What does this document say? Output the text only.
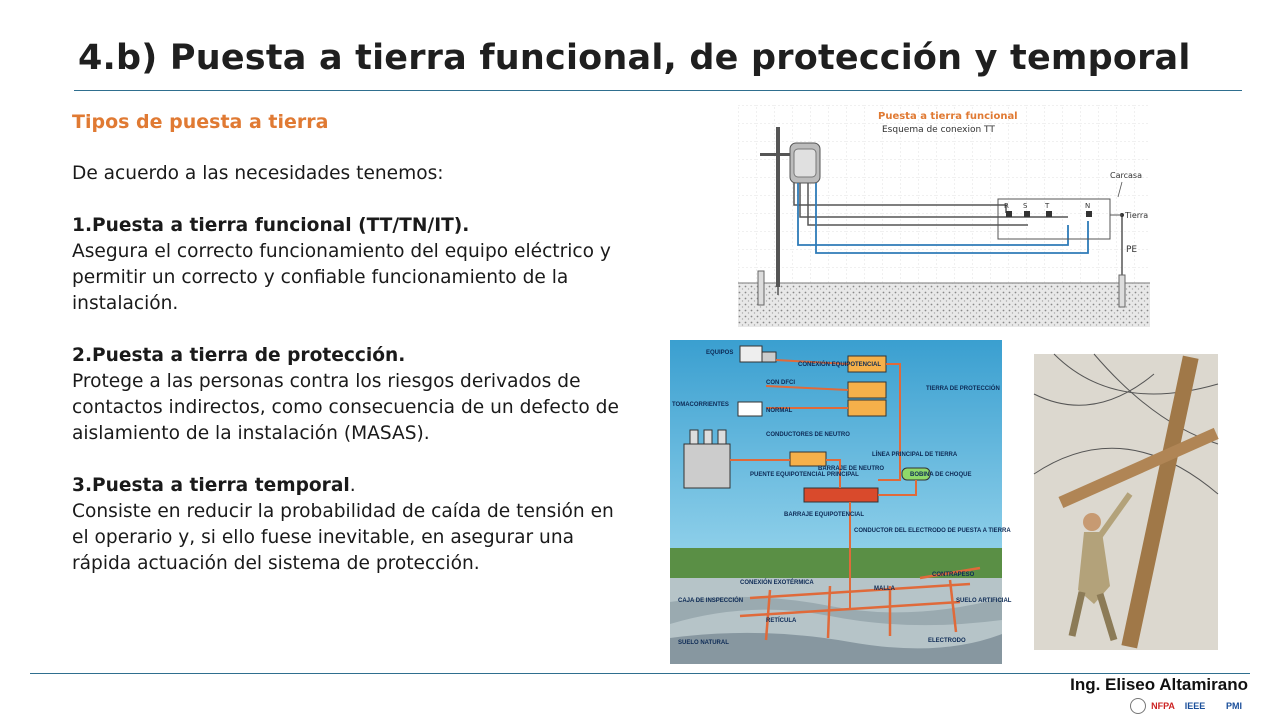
4.b) Puesta a tierra funcional, de protección y temporal
Tipos de puesta a tierra

De acuerdo a las necesidades tenemos:

1.Puesta a tierra funcional (TT/TN/IT).

Asegura el correcto funcionamiento del equipo eléctrico y permitir un correcto y confiable funcionamiento de la instalación.

2.Puesta a tierra de protección.

Protege a las personas contra los riesgos derivados de contactos indirectos, como consecuencia de un defecto de aislamiento de la instalación (MASAS).

3.Puesta a tierra temporal.

Consiste en reducir la probabilidad de caída de tensión en el operario y, si ello fuese inevitable, en asegurar una rápida actuación del sistema de protección.

R S	T	N
Puesta a tierra funcional
Esquema de conexion TT
Carcasa
Tierra
PE
EQUIPOS
CONEXIÓN EQUIPOTENCIAL
CON DFCI
NORMAL
TOMACORRIENTES
TIERRA DE PROTECCIÓN
CONDUCTORES DE NEUTRO
BARRAJE DE NEUTRO
LÍNEA PRINCIPAL DE TIERRA
PUENTE EQUIPOTENCIAL PRINCIPAL	BOBINA DE CHOQUE
BARRAJE EQUIPOTENCIAL
CONDUCTOR DEL ELECTRODO DE PUESTA A TIERRA
CAJA DE INSPECCIÓN
CONEXIÓN EXOTÉRMICA
MALLA
CONTRAPESO
SUELO ARTIFICIAL
RETÍCULA
SUELO NATURAL	ELECTRODO
Ing. Eliseo Altamirano
NFPA	IEEE	PMI
